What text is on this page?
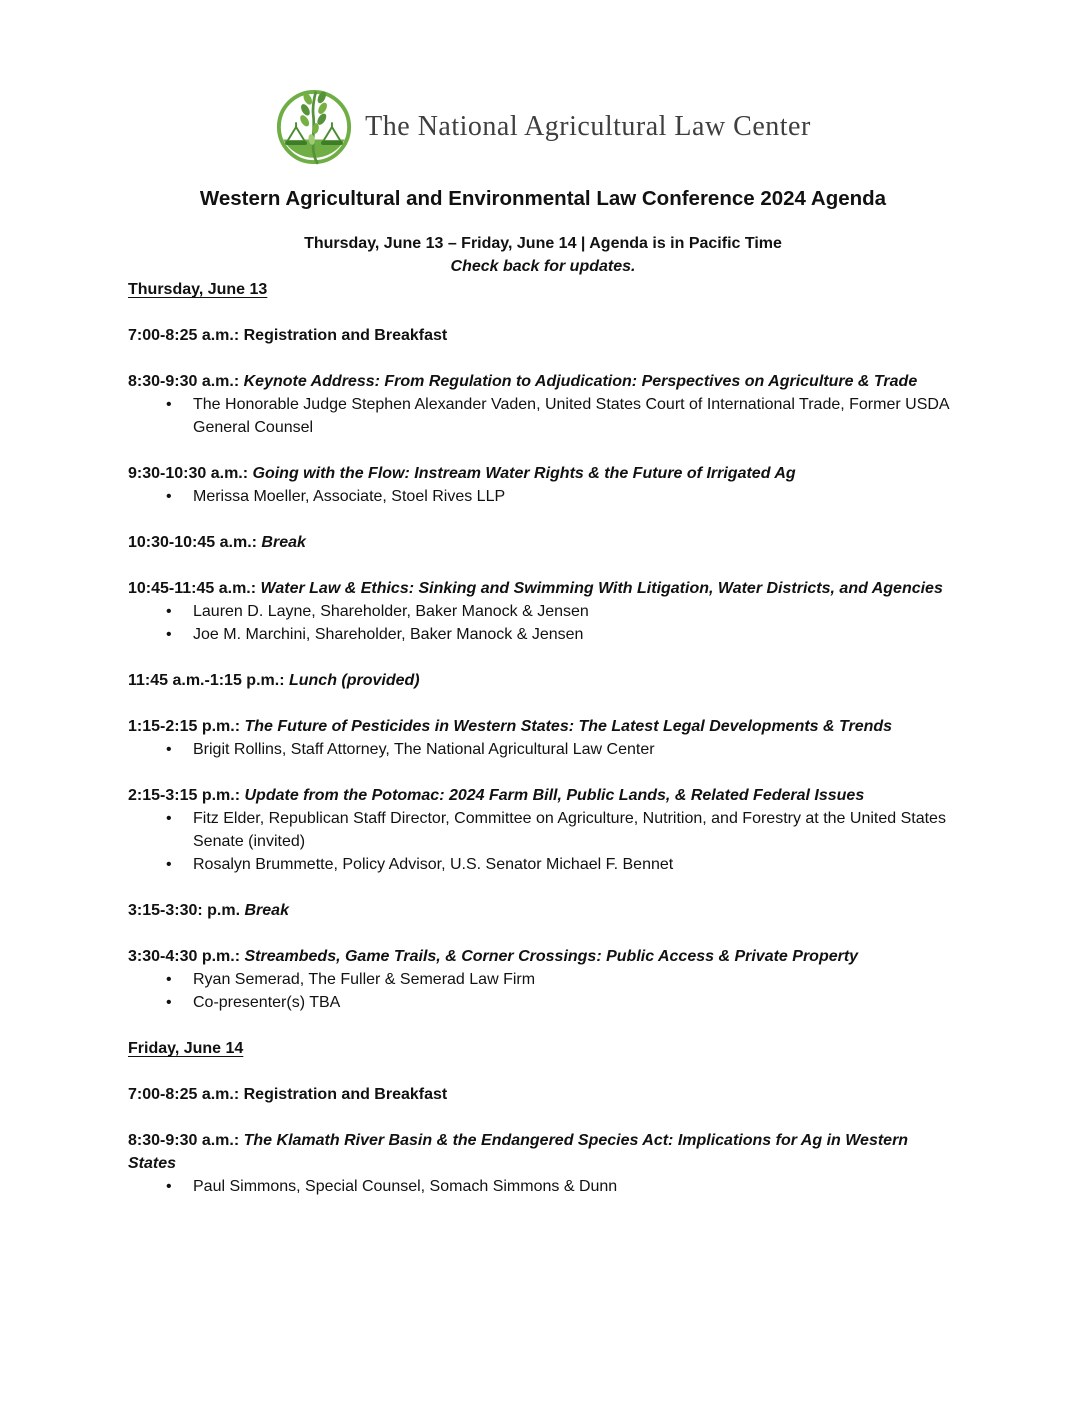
The National Agricultural Law Center
Western Agricultural and Environmental Law Conference 2024 Agenda

Thursday, June 13 – Friday, June 14 | Agenda is in Pacific Time

Check back for updates.

Thursday, June 13

7:00-8:25 a.m.: Registration and Breakfast

8:30-9:30 a.m.: Keynote Address: From Regulation to Adjudication: Perspectives on Agriculture & Trade

• The Honorable Judge Stephen Alexander Vaden, United States Court of International Trade, Former USDA General Counsel

9:30-10:30 a.m.: Going with the Flow: Instream Water Rights & the Future of Irrigated Ag

• Merissa Moeller, Associate, Stoel Rives LLP

10:30-10:45 a.m.: Break

10:45-11:45 a.m.: Water Law & Ethics: Sinking and Swimming With Litigation, Water Districts, and Agencies

• Lauren D. Layne, Shareholder, Baker Manock & Jensen
• Joe M. Marchini, Shareholder, Baker Manock & Jensen

11:45 a.m.-1:15 p.m.: Lunch (provided)

1:15-2:15 p.m.: The Future of Pesticides in Western States: The Latest Legal Developments & Trends

• Brigit Rollins, Staff Attorney, The National Agricultural Law Center

2:15-3:15 p.m.: Update from the Potomac: 2024 Farm Bill, Public Lands, & Related Federal Issues

• Fitz Elder, Republican Staff Director, Committee on Agriculture, Nutrition, and Forestry at the United States Senate (invited)
• Rosalyn Brummette, Policy Advisor, U.S. Senator Michael F. Bennet

3:15-3:30: p.m. Break

3:30-4:30 p.m.: Streambeds, Game Trails, & Corner Crossings: Public Access & Private Property

• Ryan Semerad, The Fuller & Semerad Law Firm
• Co-presenter(s) TBA
Friday, June 14

7:00-8:25 a.m.: Registration and Breakfast

8:30-9:30 a.m.: The Klamath River Basin & the Endangered Species Act: Implications for Ag in Western States

• Paul Simmons, Special Counsel, Somach Simmons & Dunn
